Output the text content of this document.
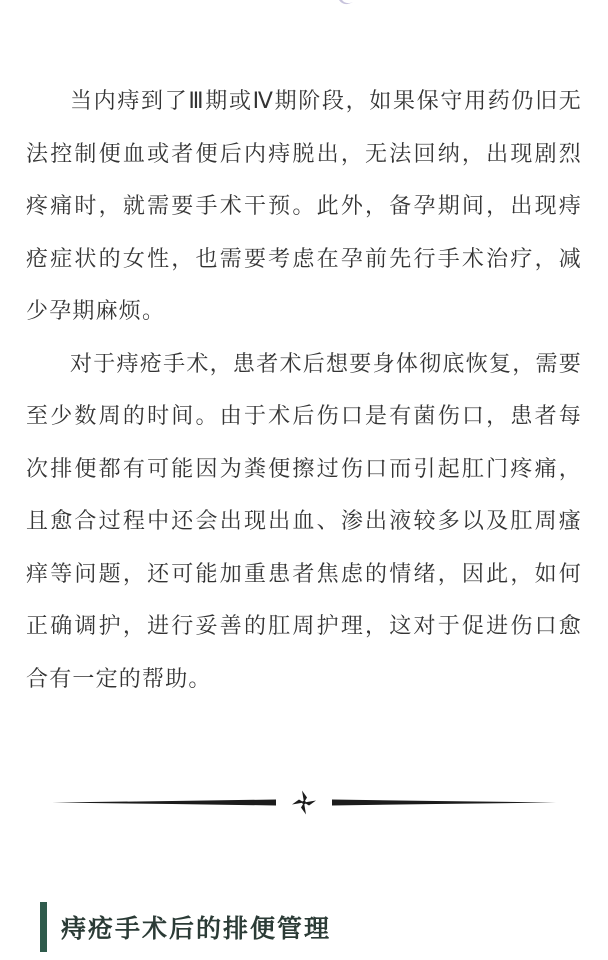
当内痔到了Ⅲ期或Ⅳ期阶段，如果保守用药仍旧无法控制便血或者便后内痔脱出，无法回纳，出现剧烈疼痛时，就需要手术干预。此外，备孕期间，出现痔疮症状的女性，也需要考虑在孕前先行手术治疗，减少孕期麻烦。

对于痔疮手术，患者术后想要身体彻底恢复，需要至少数周的时间。由于术后伤口是有菌伤口，患者每次排便都有可能因为粪便擦过伤口而引起肛门疼痛，且愈合过程中还会出现出血、渗出液较多以及肛周瘙痒等问题，还可能加重患者焦虑的情绪，因此，如何正确调护，进行妥善的肛周护理，这对于促进伤口愈合有一定的帮助。

痔疮手术后的排便管理
